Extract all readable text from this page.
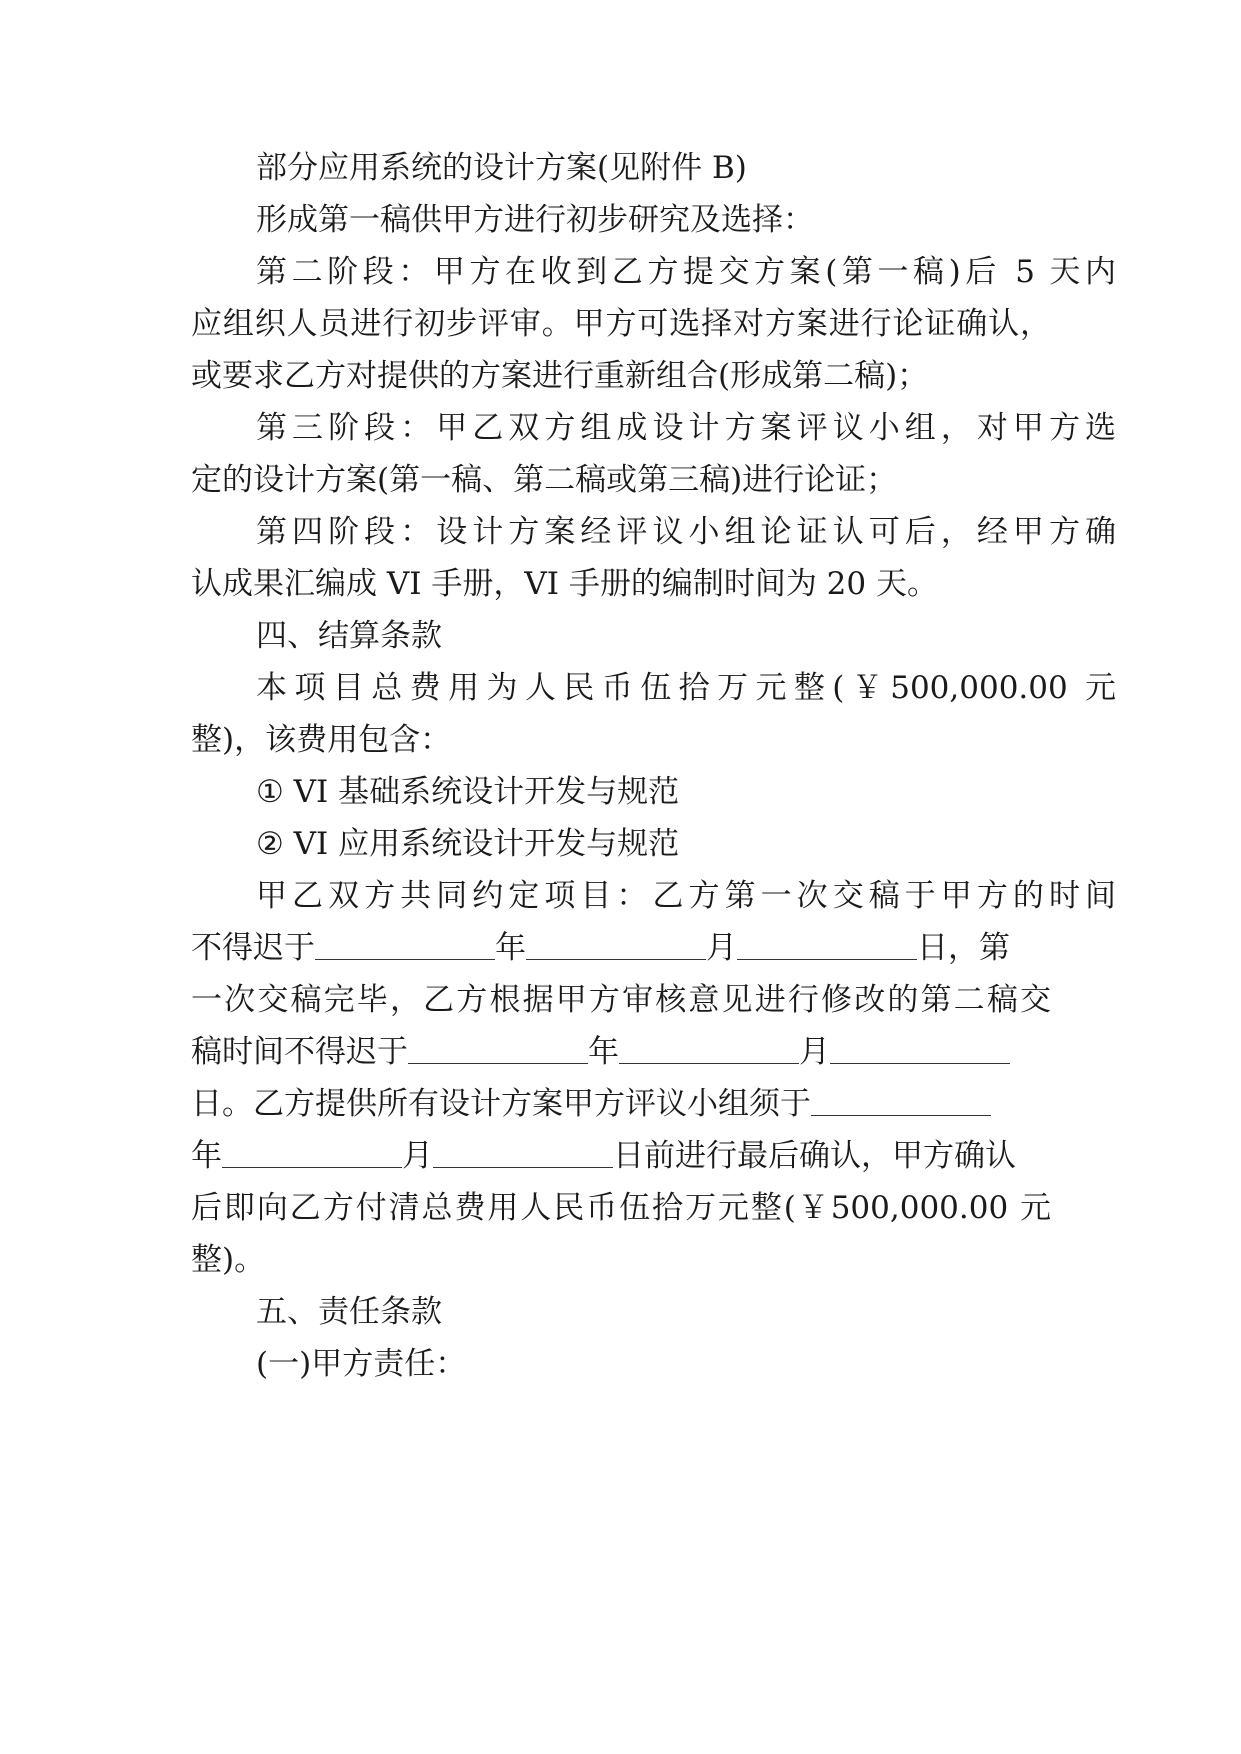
部分应用系统的设计方案(见附件 B)
形成第一稿供甲方进行初步研究及选择：
第二阶段：甲方在收到乙方提交方案(第一稿)后 5 天内
应组织人员进行初步评审。甲方可选择对方案进行论证确认，
或要求乙方对提供的方案进行重新组合(形成第二稿)；
第三阶段：甲乙双方组成设计方案评议小组，对甲方选
定的设计方案(第一稿、第二稿或第三稿)进行论证；
第四阶段：设计方案经评议小组论证认可后，经甲方确
认成果汇编成 VI 手册，VI 手册的编制时间为 20 天。
四、结算条款
本项目总费用为人民币伍拾万元整(￥500,000.00 元
整)，该费用包含：
① VI 基础系统设计开发与规范
② VI 应用系统设计开发与规范
甲乙双方共同约定项目：乙方第一次交稿于甲方的时间
不得迟于	年	月	日，第
一次交稿完毕，乙方根据甲方审核意见进行修改的第二稿交
稿时间不得迟于	年	月
日。乙方提供所有设计方案甲方评议小组须于
年	月	日前进行最后确认，甲方确认
后即向乙方付清总费用人民币伍拾万元整(￥500,000.00 元
整)。
五、责任条款
(一)甲方责任：
